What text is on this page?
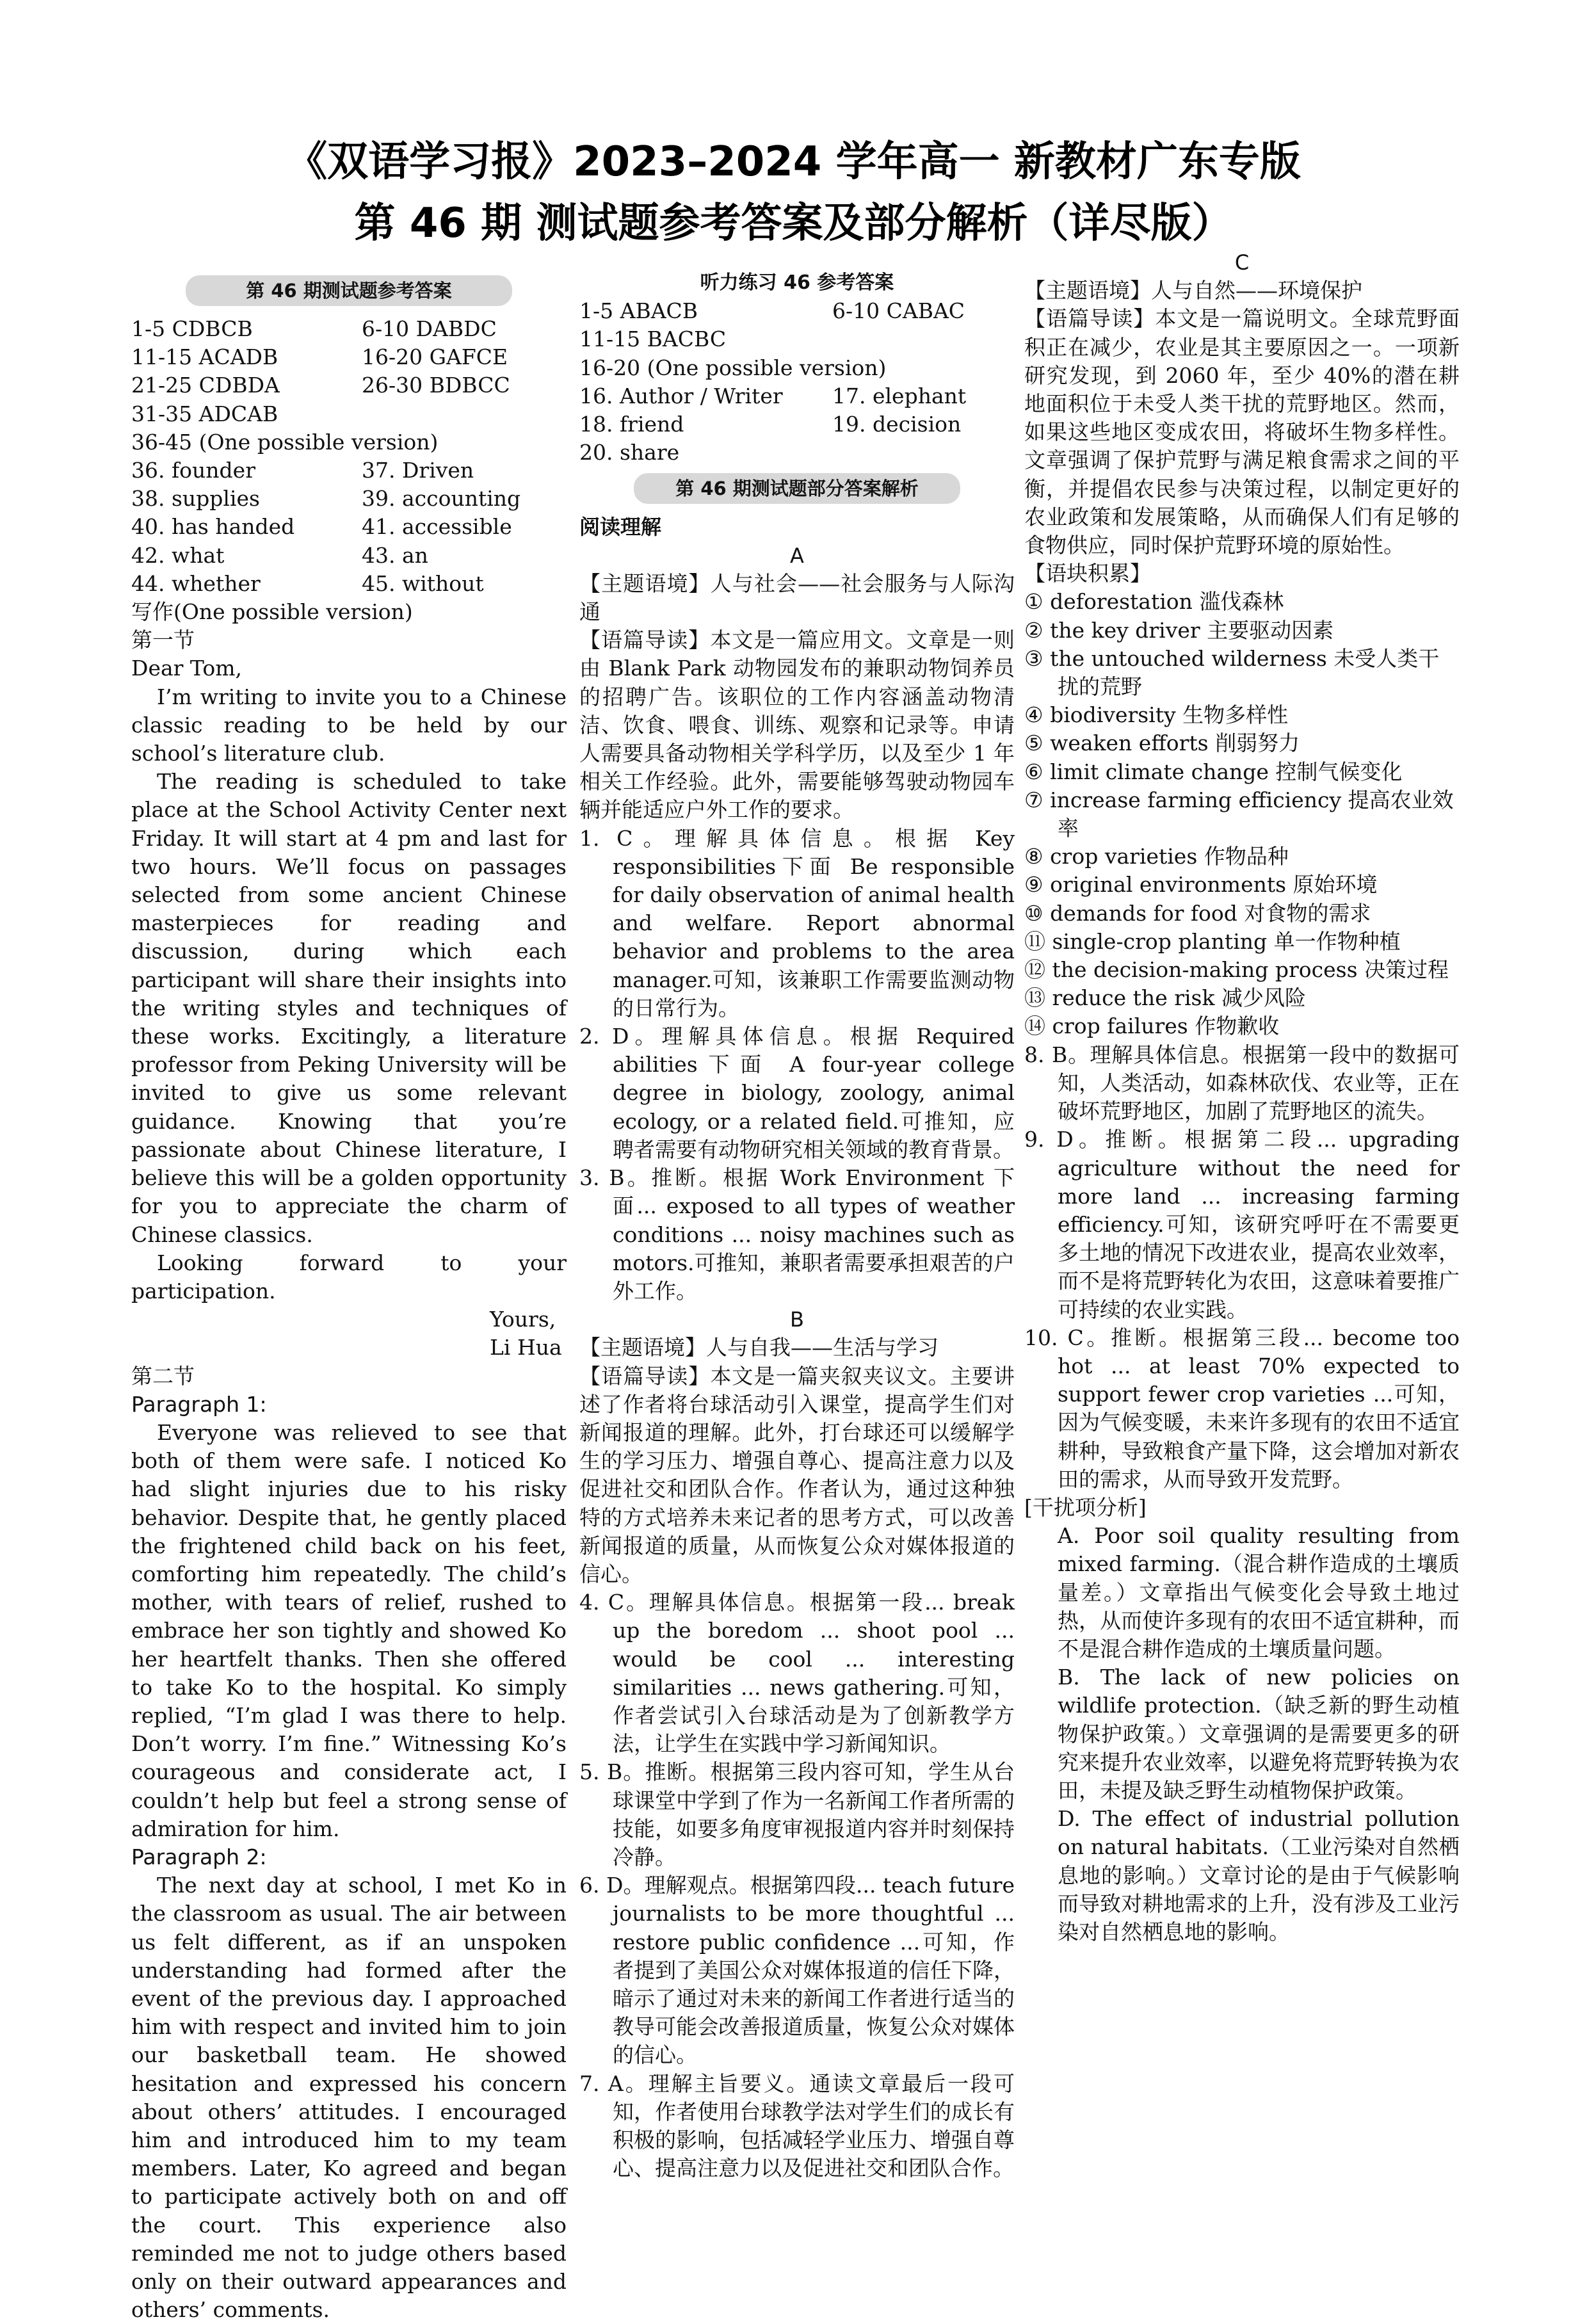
《双语学习报》2023–2024 学年高一 新教材广东专版
第 46 期 测试题参考答案及部分解析（详尽版）
第 46 期测试题参考答案
1-5 CDBCB	6-10 DABDC
11-15 ACADB	16-20 GAFCE
21-25 CDBDA	26-30 BDBCC
31-35 ADCAB
36-45 (One possible version)
36. founder	37. Driven
38. supplies	39. accounting
40. has handed	41. accessible
42. what	43. an
44. whether	45. without
写作(One possible version)
第一节

Dear Tom,

I’m writing to invite you to a Chinese classic reading to be held by our school’s literature club.

The reading is scheduled to take place at the School Activity Center next Friday. It will start at 4 pm and last for two hours. We’ll focus on passages selected from some ancient Chinese masterpieces for reading and discussion, during which each participant will share their insights into the writing styles and techniques of these works. Excitingly, a literature professor from Peking University will be invited to give us some relevant guidance. Knowing that you’re passionate about Chinese literature, I believe this will be a golden opportunity for you to appreciate the charm of Chinese classics.

Looking forward to your participation.

Yours,

Li Hua

第二节
Paragraph 1:

Everyone was relieved to see that both of them were safe. I noticed Ko had slight injuries due to his risky behavior. Despite that, he gently placed the frightened child back on his feet, comforting him repeatedly. The child’s mother, with tears of relief, rushed to embrace her son tightly and showed Ko her heartfelt thanks. Then she offered to take Ko to the hospital. Ko simply replied, “I’m glad I was there to help. Don’t worry. I’m fine.” Witnessing Ko’s courageous and considerate act, I couldn’t help but feel a strong sense of admiration for him.

Paragraph 2:

The next day at school, I met Ko in the classroom as usual. The air between us felt different, as if an unspoken understanding had formed after the event of the previous day. I approached him with respect and invited him to join our basketball team. He showed hesitation and expressed his concern about others’ attitudes. I encouraged him and introduced him to my team members. Later, Ko agreed and began to participate actively both on and off the court. This experience also reminded me not to judge others based only on their outward appearances and others’ comments.

听力练习 46 参考答案
1-5 ABACB	6-10 CABAC
11-15 BACBC
16-20 (One possible version)
16. Author / Writer	17. elephant
18. friend	19. decision
20. share
第 46 期测试题部分答案解析
阅读理解
A

【主题语境】人与社会——社会服务与人际沟通

【语篇导读】本文是一篇应用文。文章是一则由 Blank Park 动物园发布的兼职动物饲养员的招聘广告。该职位的工作内容涵盖动物清洁、饮食、喂食、训练、观察和记录等。申请人需要具备动物相关学科学历，以及至少 1 年相关工作经验。此外，需要能够驾驶动物园车辆并能适应户外工作的要求。

1. C。理解具体信息。根据 Key responsibilities下面 Be responsible for daily observation of animal health and welfare. Report abnormal behavior and problems to the area manager.可知，该兼职工作需要监测动物的日常行为。

2. D。理解具体信息。根据 Required abilities下面 A four-year college degree in biology, zoology, animal ecology, or a related field.可推知，应聘者需要有动物研究相关领域的教育背景。

3. B。推断。根据 Work Environment 下面... exposed to all types of weather conditions ... noisy machines such as motors.可推知，兼职者需要承担艰苦的户外工作。

B

【主题语境】人与自我——生活与学习

【语篇导读】本文是一篇夹叙夹议文。主要讲述了作者将台球活动引入课堂，提高学生们对新闻报道的理解。此外，打台球还可以缓解学生的学习压力、增强自尊心、提高注意力以及促进社交和团队合作。作者认为，通过这种独特的方式培养未来记者的思考方式，可以改善新闻报道的质量，从而恢复公众对媒体报道的信心。

4. C。理解具体信息。根据第一段... break up the boredom ... shoot pool ... would be cool ... interesting similarities ... news gathering.可知，作者尝试引入台球活动是为了创新教学方法，让学生在实践中学习新闻知识。

5. B。推断。根据第三段内容可知，学生从台球课堂中学到了作为一名新闻工作者所需的技能，如要多角度审视报道内容并时刻保持冷静。

6. D。理解观点。根据第四段... teach future journalists to be more thoughtful ... restore public confidence ...可知，作者提到了美国公众对媒体报道的信任下降，暗示了通过对未来的新闻工作者进行适当的教导可能会改善报道质量，恢复公众对媒体的信心。

7. A。理解主旨要义。通读文章最后一段可知，作者使用台球教学法对学生们的成长有积极的影响，包括减轻学业压力、增强自尊心、提高注意力以及促进社交和团队合作。

C

【主题语境】人与自然——环境保护

【语篇导读】本文是一篇说明文。全球荒野面积正在减少，农业是其主要原因之一。一项新研究发现，到 2060 年，至少 40%的潜在耕地面积位于未受人类干扰的荒野地区。然而，如果这些地区变成农田，将破坏生物多样性。文章强调了保护荒野与满足粮食需求之间的平衡，并提倡农民参与决策过程，以制定更好的农业政策和发展策略，从而确保人们有足够的食物供应，同时保护荒野环境的原始性。

【语块积累】
① deforestation 滥伐森林
② the key driver 主要驱动因素
③ the untouched wilderness 未受人类干扰的荒野
④ biodiversity 生物多样性
⑤ weaken efforts 削弱努力
⑥ limit climate change 控制气候变化
⑦ increase farming efficiency 提高农业效率
⑧ crop varieties 作物品种
⑨ original environments 原始环境
⑩ demands for food 对食物的需求
⑪ single-crop planting 单一作物种植
⑫ the decision-making process 决策过程
⑬ reduce the risk 减少风险
⑭ crop failures 作物歉收

8. B。理解具体信息。根据第一段中的数据可知，人类活动，如森林砍伐、农业等，正在破坏荒野地区，加剧了荒野地区的流失。

9. D。推断。根据第二段... upgrading agriculture without the need for more land ... increasing farming efficiency.可知，该研究呼吁在不需要更多土地的情况下改进农业，提高农业效率，而不是将荒野转化为农田，这意味着要推广可持续的农业实践。

10. C。推断。根据第三段... become too hot ... at least 70% expected to support fewer crop varieties ...可知，因为气候变暖，未来许多现有的农田不适宜耕种，导致粮食产量下降，这会增加对新农田的需求，从而导致开发荒野。

[干扰项分析]

A. Poor soil quality resulting from mixed farming.（混合耕作造成的土壤质量差。）文章指出气候变化会导致土地过热，从而使许多现有的农田不适宜耕种，而不是混合耕作造成的土壤质量问题。

B. The lack of new policies on wildlife protection.（缺乏新的野生动植物保护政策。）文章强调的是需要更多的研究来提升农业效率，以避免将荒野转换为农田，未提及缺乏野生动植物保护政策。

D. The effect of industrial pollution on natural habitats.（工业污染对自然栖息地的影响。）文章讨论的是由于气候影响而导致对耕地需求的上升，没有涉及工业污染对自然栖息地的影响。
